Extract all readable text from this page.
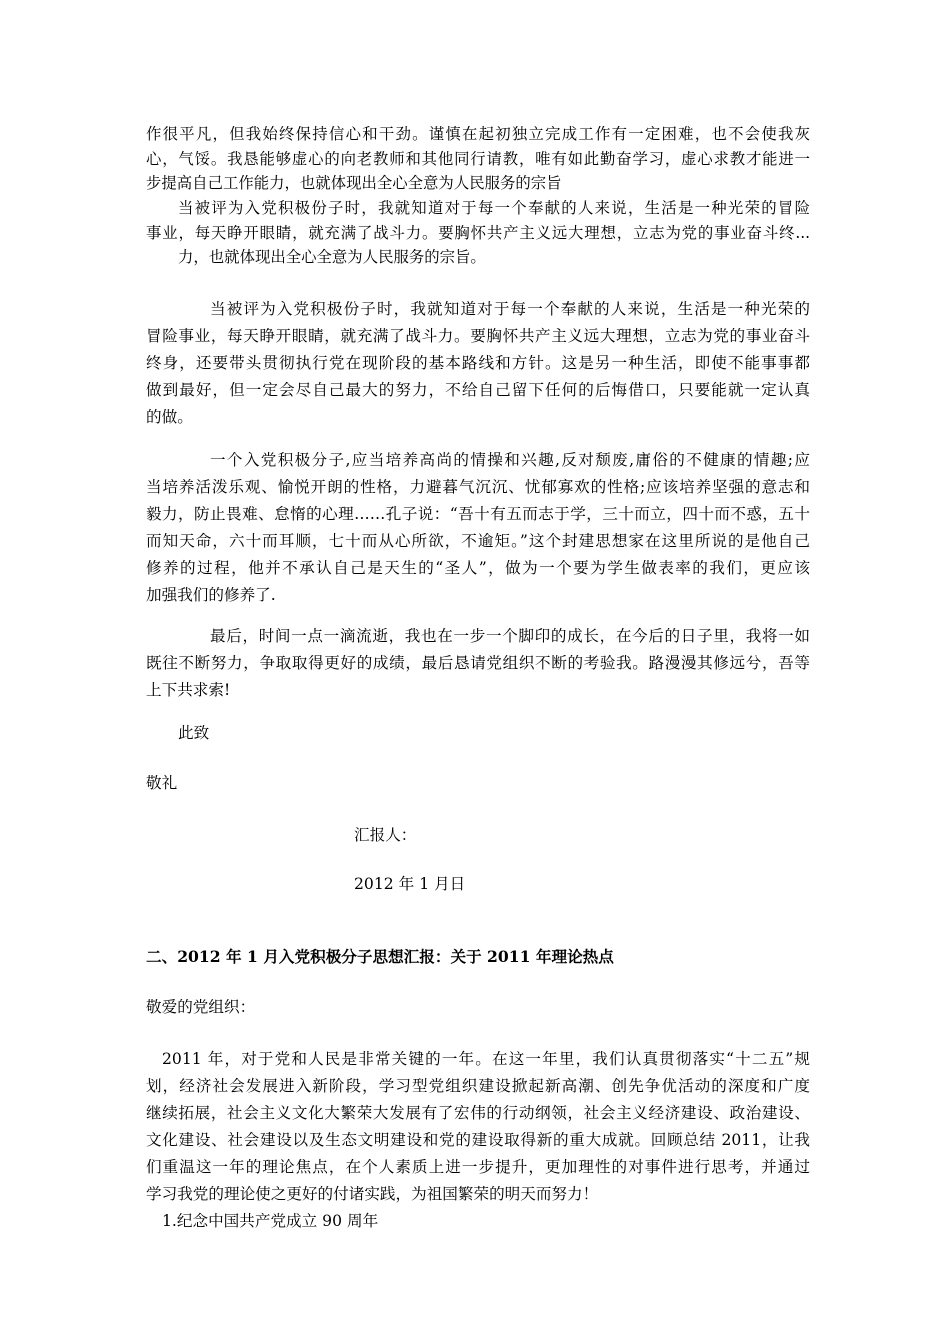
作很平凡，但我始终保持信心和干劲。谨慎在起初独立完成工作有一定困难，也不会使我灰
心，气馁。我恳能够虚心的向老教师和其他同行请教，唯有如此勤奋学习，虚心求教才能进一
步提高自己工作能力，也就体现出全心全意为人民服务的宗旨
当被评为入党积极份子时，我就知道对于每一个奉献的人来说，生活是一种光荣的冒险
事业，每天睁开眼睛，就充满了战斗力。要胸怀共产主义远大理想，立志为党的事业奋斗终...
力，也就体现出全心全意为人民服务的宗旨。
当被评为入党积极份子时，我就知道对于每一个奉献的人来说，生活是一种光荣的
冒险事业，每天睁开眼睛，就充满了战斗力。要胸怀共产主义远大理想，立志为党的事业奋斗
终身，还要带头贯彻执行党在现阶段的基本路线和方针。这是另一种生活，即使不能事事都
做到最好，但一定会尽自己最大的努力，不给自己留下任何的后悔借口，只要能就一定认真
的做。
一个入党积极分子,应当培养高尚的情操和兴趣,反对颓废,庸俗的不健康的情趣;应
当培养活泼乐观、愉悦开朗的性格，力避暮气沉沉、忧郁寡欢的性格;应该培养坚强的意志和
毅力，防止畏难、怠惰的心理……孔子说：“吾十有五而志于学，三十而立，四十而不惑，五十
而知天命，六十而耳顺，七十而从心所欲，不逾矩。”这个封建思想家在这里所说的是他自己
修养的过程，他并不承认自己是天生的“圣人”，做为一个要为学生做表率的我们，更应该
加强我们的修养了.
最后，时间一点一滴流逝，我也在一步一个脚印的成长，在今后的日子里，我将一如
既往不断努力，争取取得更好的成绩，最后恳请党组织不断的考验我。路漫漫其修远兮，吾等
上下共求索!
此致
敬礼
汇报人：
2012 年 1 月日
二、2012 年 1 月入党积极分子思想汇报：关于 2011 年理论热点
敬爱的党组织：
2011 年，对于党和人民是非常关键的一年。在这一年里，我们认真贯彻落实“十二五”规
划，经济社会发展进入新阶段，学习型党组织建设掀起新高潮、创先争优活动的深度和广度
继续拓展，社会主义文化大繁荣大发展有了宏伟的行动纲领，社会主义经济建设、政治建设、
文化建设、社会建设以及生态文明建设和党的建设取得新的重大成就。回顾总结 2011，让我
们重温这一年的理论焦点，在个人素质上进一步提升，更加理性的对事件进行思考，并通过
学习我党的理论使之更好的付诸实践，为祖国繁荣的明天而努力！
1.纪念中国共产党成立 90 周年
